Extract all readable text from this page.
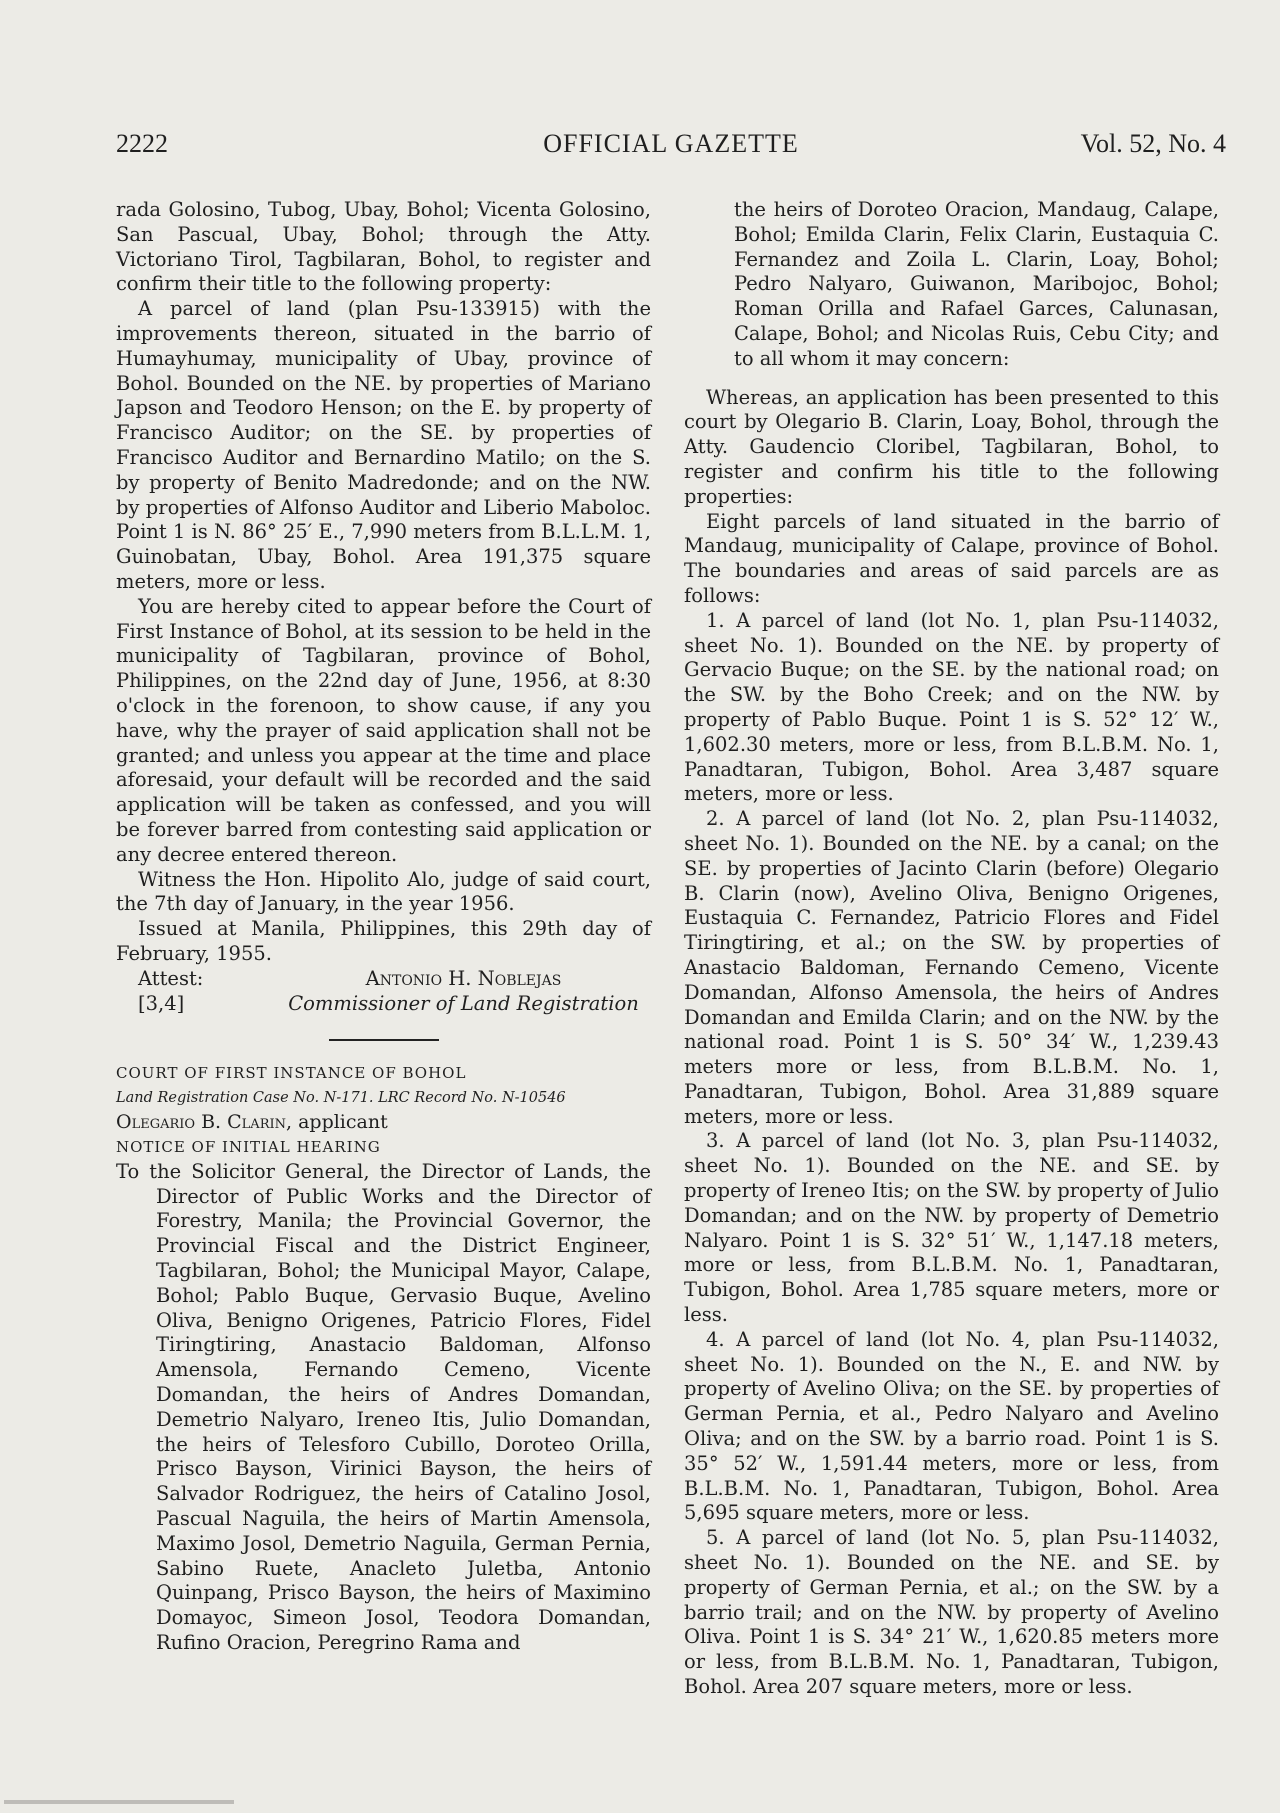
OFFICIAL GAZETTE
2222	Vol. 52, No. 4

rada Golosino, Tubog, Ubay, Bohol; Vicenta Golosino, San Pascual, Ubay, Bohol; through the Atty. Victoriano Tirol, Tagbilaran, Bohol, to register and confirm their title to the following property:

A parcel of land (plan Psu-133915) with the improvements thereon, situated in the barrio of Humayhumay, municipality of Ubay, province of Bohol. Bounded on the NE. by properties of Mariano Japson and Teodoro Henson; on the E. by property of Francisco Auditor; on the SE. by properties of Francisco Auditor and Bernardino Matilo; on the S. by property of Benito Madredonde; and on the NW. by properties of Alfonso Auditor and Liberio Maboloc. Point 1 is N. 86° 25′ E., 7,990 meters from B.L.L.M. 1, Guinobatan, Ubay, Bohol. Area 191,375 square meters, more or less.

You are hereby cited to appear before the Court of First Instance of Bohol, at its session to be held in the municipality of Tagbilaran, province of Bohol, Philippines, on the 22nd day of June, 1956, at 8:30 o'clock in the forenoon, to show cause, if any you have, why the prayer of said application shall not be granted; and unless you appear at the time and place aforesaid, your default will be recorded and the said application will be taken as confessed, and you will be forever barred from contesting said application or any decree entered thereon.

Witness the Hon. Hipolito Alo, judge of said court, the 7th day of January, in the year 1956.

Issued at Manila, Philippines, this 29th day of February, 1955.

Attest:
[3,4]
Antonio H. Noblejas
Commissioner of Land Registration

COURT OF FIRST INSTANCE OF BOHOL

Land Registration Case No. N-171. LRC Record No. N-10546

Olegario B. Clarin, applicant

NOTICE OF INITIAL HEARING

To the Solicitor General, the Director of Lands, the Director of Public Works and the Director of Forestry, Manila; the Provincial Governor, the Provincial Fiscal and the District Engineer, Tagbilaran, Bohol; the Municipal Mayor, Calape, Bohol; Pablo Buque, Gervasio Buque, Avelino Oliva, Benigno Origenes, Patricio Flores, Fidel Tiringtiring, Anastacio Baldoman, Alfonso Amensola, Fernando Cemeno, Vicente Domandan, the heirs of Andres Domandan, Demetrio Nalyaro, Ireneo Itis, Julio Domandan, the heirs of Telesforo Cubillo, Doroteo Orilla, Prisco Bayson, Virinici Bayson, the heirs of Salvador Rodriguez, the heirs of Catalino Josol, Pascual Naguila, the heirs of Martin Amensola, Maximo Josol, Demetrio Naguila, German Pernia, Sabino Ruete, Anacleto Juletba, Antonio Quinpang, Prisco Bayson, the heirs of Maximino Domayoc, Simeon Josol, Teodora Domandan, Rufino Oracion, Peregrino Rama and

the heirs of Doroteo Oracion, Mandaug, Calape, Bohol; Emilda Clarin, Felix Clarin, Eustaquia C. Fernandez and Zoila L. Clarin, Loay, Bohol; Pedro Nalyaro, Guiwanon, Maribojoc, Bohol; Roman Orilla and Rafael Garces, Calunasan, Calape, Bohol; and Nicolas Ruis, Cebu City; and to all whom it may concern:

Whereas, an application has been presented to this court by Olegario B. Clarin, Loay, Bohol, through the Atty. Gaudencio Cloribel, Tagbilaran, Bohol, to register and confirm his title to the following properties:

Eight parcels of land situated in the barrio of Mandaug, municipality of Calape, province of Bohol. The boundaries and areas of said parcels are as follows:

1. A parcel of land (lot No. 1, plan Psu-114032, sheet No. 1). Bounded on the NE. by property of Gervacio Buque; on the SE. by the national road; on the SW. by the Boho Creek; and on the NW. by property of Pablo Buque. Point 1 is S. 52° 12′ W., 1,602.30 meters, more or less, from B.L.B.M. No. 1, Panadtaran, Tubigon, Bohol. Area 3,487 square meters, more or less.

2. A parcel of land (lot No. 2, plan Psu-114032, sheet No. 1). Bounded on the NE. by a canal; on the SE. by properties of Jacinto Clarin (before) Olegario B. Clarin (now), Avelino Oliva, Benigno Origenes, Eustaquia C. Fernandez, Patricio Flores and Fidel Tiringtiring, et al.; on the SW. by properties of Anastacio Baldoman, Fernando Cemeno, Vicente Domandan, Alfonso Amensola, the heirs of Andres Domandan and Emilda Clarin; and on the NW. by the national road. Point 1 is S. 50° 34′ W., 1,239.43 meters more or less, from B.L.B.M. No. 1, Panadtaran, Tubigon, Bohol. Area 31,889 square meters, more or less.

3. A parcel of land (lot No. 3, plan Psu-114032, sheet No. 1). Bounded on the NE. and SE. by property of Ireneo Itis; on the SW. by property of Julio Domandan; and on the NW. by property of Demetrio Nalyaro. Point 1 is S. 32° 51′ W., 1,147.18 meters, more or less, from B.L.B.M. No. 1, Panadtaran, Tubigon, Bohol. Area 1,785 square meters, more or less.

4. A parcel of land (lot No. 4, plan Psu-114032, sheet No. 1). Bounded on the N., E. and NW. by property of Avelino Oliva; on the SE. by properties of German Pernia, et al., Pedro Nalyaro and Avelino Oliva; and on the SW. by a barrio road. Point 1 is S. 35° 52′ W., 1,591.44 meters, more or less, from B.L.B.M. No. 1, Panadtaran, Tubigon, Bohol. Area 5,695 square meters, more or less.

5. A parcel of land (lot No. 5, plan Psu-114032, sheet No. 1). Bounded on the NE. and SE. by property of German Pernia, et al.; on the SW. by a barrio trail; and on the NW. by property of Avelino Oliva. Point 1 is S. 34° 21′ W., 1,620.85 meters more or less, from B.L.B.M. No. 1, Panadtaran, Tubigon, Bohol. Area 207 square meters, more or less.
